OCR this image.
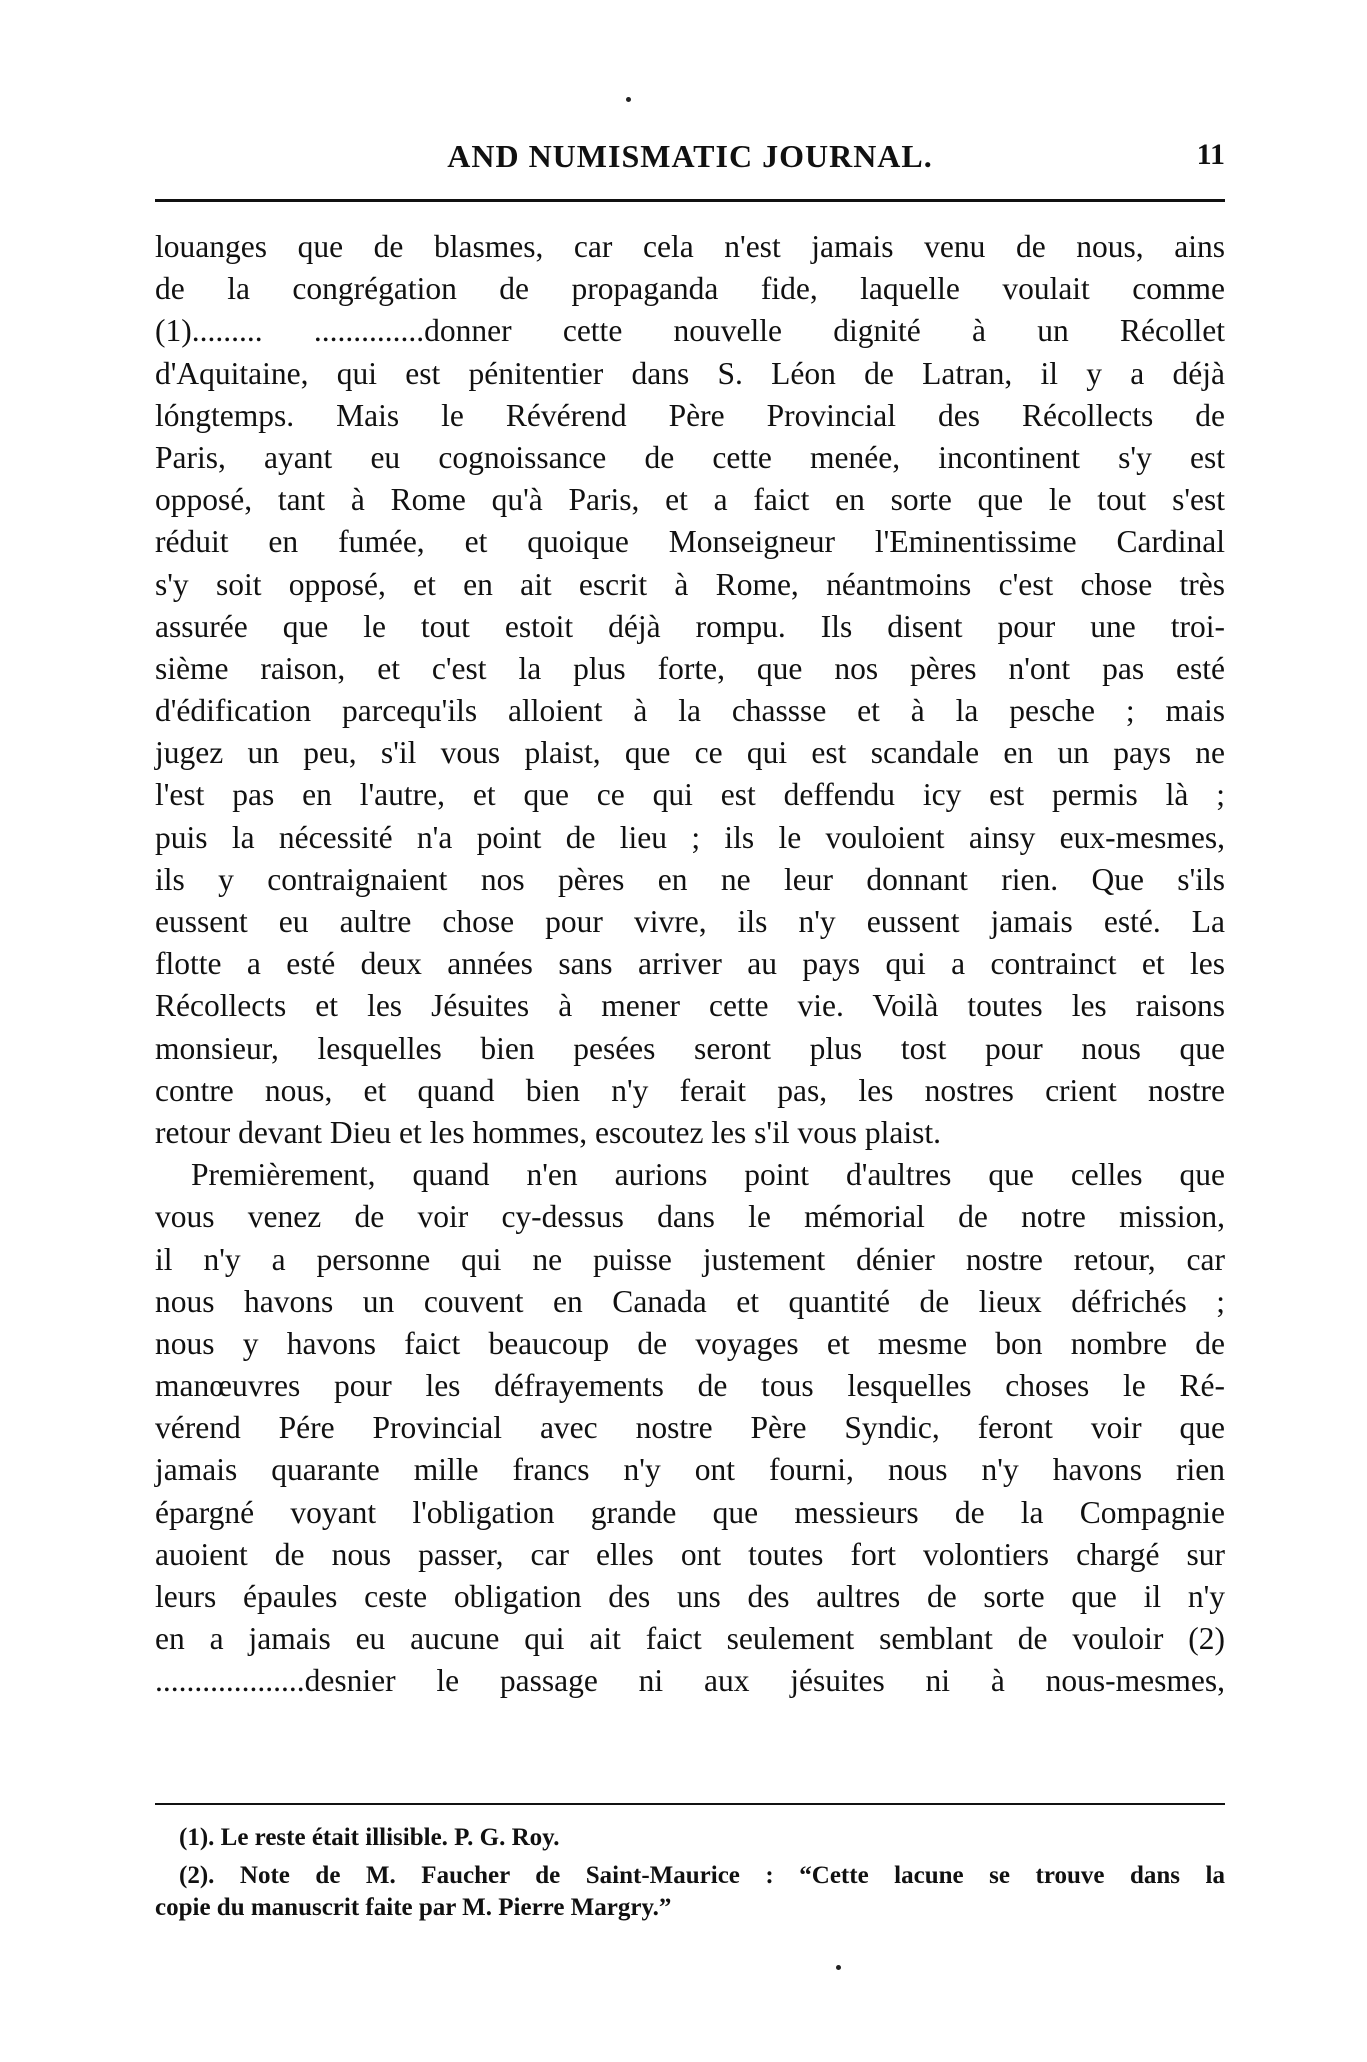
AND NUMISMATIC JOURNAL.	11
louanges que de blasmes, car cela n'est jamais venu de nous, ains
de la congrégation de propaganda fide, laquelle voulait comme
(1)......... ..............donner cette nouvelle dignité à un Récollet
d'Aquitaine, qui est pénitentier dans S. Léon de Latran, il y a déjà
lóngtemps. Mais le Révérend Père Provincial des Récollects de
Paris, ayant eu cognoissance de cette menée, incontinent s'y est
opposé, tant à Rome qu'à Paris, et a faict en sorte que le tout s'est
réduit en fumée, et quoique Monseigneur l'Eminentissime Cardinal
s'y soit opposé, et en ait escrit à Rome, néantmoins c'est chose très
assurée que le tout estoit déjà rompu. Ils disent pour une troi-
sième raison, et c'est la plus forte, que nos pères n'ont pas esté
d'édification parcequ'ils alloient à la chassse et à la pesche ; mais
jugez un peu, s'il vous plaist, que ce qui est scandale en un pays ne
l'est pas en l'autre, et que ce qui est deffendu icy est permis là ;
puis la nécessité n'a point de lieu ; ils le vouloient ainsy eux-mesmes,
ils y contraignaient nos pères en ne leur donnant rien. Que s'ils
eussent eu aultre chose pour vivre, ils n'y eussent jamais esté. La
flotte a esté deux années sans arriver au pays qui a contrainct et les
Récollects et les Jésuites à mener cette vie. Voilà toutes les raisons
monsieur, lesquelles bien pesées seront plus tost pour nous que
contre nous, et quand bien n'y ferait pas, les nostres crient nostre
retour devant Dieu et les hommes, escoutez les s'il vous plaist.
Premièrement, quand n'en aurions point d'aultres que celles que
vous venez de voir cy-dessus dans le mémorial de notre mission,
il n'y a personne qui ne puisse justement dénier nostre retour, car
nous havons un couvent en Canada et quantité de lieux défrichés ;
nous y havons faict beaucoup de voyages et mesme bon nombre de
manœuvres pour les défrayements de tous lesquelles choses le Ré-
vérend Pére Provincial avec nostre Père Syndic, feront voir que
jamais quarante mille francs n'y ont fourni, nous n'y havons rien
épargné voyant l'obligation grande que messieurs de la Compagnie
auoient de nous passer, car elles ont toutes fort volontiers chargé sur
leurs épaules ceste obligation des uns des aultres de sorte que il n'y
en a jamais eu aucune qui ait faict seulement semblant de vouloir (2)
...................desnier le passage ni aux jésuites ni à nous-mesmes,
(1). Le reste était illisible. P. G. Roy.
(2). Note de M. Faucher de Saint-Maurice : “Cette lacune se trouve dans la
copie du manuscrit faite par M. Pierre Margry.”
